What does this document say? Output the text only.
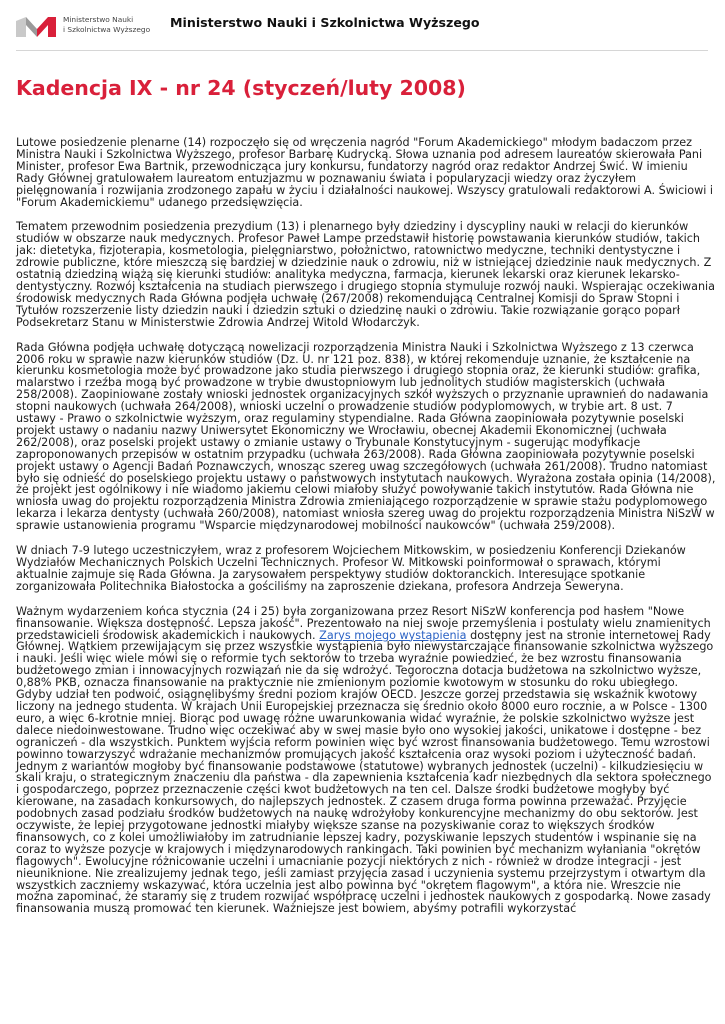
Ministerstwo Nauki
i Szkolnictwa Wyższego	Ministerstwo Nauki i Szkolnictwa Wyższego
Kadencja IX - nr 24 (styczeń/luty 2008)

Lutowe posiedzenie plenarne (14) rozpoczęło się od wręczenia nagród "Forum Akademickiego" młodym badaczom przez Ministra Nauki i Szkolnictwa Wyższego, profesor Barbarę Kudrycką. Słowa uznania pod adresem laureatów skierowała Pani Minister, profesor Ewa Bartnik, przewodnicząca jury konkursu, fundatorzy nagród oraz redaktor Andrzej Świć. W imieniu Rady Głównej gratulowałem laureatom entuzjazmu w poznawaniu świata i popularyzacji wiedzy oraz życzyłem pielęgnowania i rozwijania zrodzonego zapału w życiu i działalności naukowej. Wszyscy gratulowali redaktorowi A. Świciowi i "Forum Akademickiemu" udanego przedsięwzięcia.

Tematem przewodnim posiedzenia prezydium (13) i plenarnego były dziedziny i dyscypliny nauki w relacji do kierunków studiów w obszarze nauk medycznych. Profesor Paweł Lampe przedstawił historię powstawania kierunków studiów, takich jak: dietetyka, fizjoterapia, kosmetologia, pielęgniarstwo, położnictwo, ratownictwo medyczne, techniki dentystyczne i zdrowie publiczne, które mieszczą się bardziej w dziedzinie nauk o zdrowiu, niż w istniejącej dziedzinie nauk medycznych. Z ostatnią dziedziną wiążą się kierunki studiów: analityka medyczna, farmacja, kierunek lekarski oraz kierunek lekarsko-dentystyczny. Rozwój kształcenia na studiach pierwszego i drugiego stopnia stymuluje rozwój nauki. Wspierając oczekiwania środowisk medycznych Rada Główna podjęła uchwałę (267/2008) rekomendującą Centralnej Komisji do Spraw Stopni i Tytułów rozszerzenie listy dziedzin nauki i dziedzin sztuki o dziedzinę nauki o zdrowiu. Takie rozwiązanie gorąco poparł Podsekretarz Stanu w Ministerstwie Zdrowia Andrzej Witold Włodarczyk.

Rada Główna podjęła uchwałę dotyczącą nowelizacji rozporządzenia Ministra Nauki i Szkolnictwa Wyższego z 13 czerwca 2006 roku w sprawie nazw kierunków studiów (Dz. U. nr 121 poz. 838), w której rekomenduje uznanie, że kształcenie na kierunku kosmetologia może być prowadzone jako studia pierwszego i drugiego stopnia oraz, że kierunki studiów: grafika, malarstwo i rzeźba mogą być prowadzone w trybie dwustopniowym lub jednolitych studiów magisterskich (uchwała 258/2008). Zaopiniowane zostały wnioski jednostek organizacyjnych szkół wyższych o przyznanie uprawnień do nadawania stopni naukowych (uchwała 264/2008), wnioski uczelni o prowadzenie studiów podyplomowych, w trybie art. 8 ust. 7 ustawy - Prawo o szkolnictwie wyższym, oraz regulaminy stypendialne. Rada Główna zaopiniowała pozytywnie poselski projekt ustawy o nadaniu nazwy Uniwersytet Ekonomiczny we Wrocławiu, obecnej Akademii Ekonomicznej (uchwała 262/2008), oraz poselski projekt ustawy o zmianie ustawy o Trybunale Konstytucyjnym - sugerując modyfikacje zaproponowanych przepisów w ostatnim przypadku (uchwała 263/2008). Rada Główna zaopiniowała pozytywnie poselski projekt ustawy o Agencji Badań Poznawczych, wnosząc szereg uwag szczegółowych (uchwała 261/2008). Trudno natomiast było się odnieść do poselskiego projektu ustawy o państwowych instytutach naukowych. Wyrażona została opinia (14/2008), że projekt jest ogólnikowy i nie wiadomo jakiemu celowi miałoby służyć powoływanie takich instytutów. Rada Główna nie wniosła uwag do projektu rozporządzenia Ministra Zdrowia zmieniającego rozporządzenie w sprawie stażu podyplomowego lekarza i lekarza dentysty (uchwała 260/2008), natomiast wniosła szereg uwag do projektu rozporządzenia Ministra NiSzW w sprawie ustanowienia programu "Wsparcie międzynarodowej mobilności naukowców" (uchwała 259/2008).

W dniach 7-9 lutego uczestniczyłem, wraz z profesorem Wojciechem Mitkowskim, w posiedzeniu Konferencji Dziekanów Wydziałów Mechanicznych Polskich Uczelni Technicznych. Profesor W. Mitkowski poinformował o sprawach, którymi aktualnie zajmuje się Rada Główna. Ja zarysowałem perspektywy studiów doktoranckich. Interesujące spotkanie zorganizowała Politechnika Białostocka a gościliśmy na zaproszenie dziekana, profesora Andrzeja Seweryna.

Ważnym wydarzeniem końca stycznia (24 i 25) była zorganizowana przez Resort NiSzW konferencja pod hasłem "Nowe finansowanie. Większa dostępność. Lepsza jakość". Prezentowało na niej swoje przemyślenia i postulaty wielu znamienitych przedstawicieli środowisk akademickich i naukowych. Zarys mojego wystąpienia dostępny jest na stronie internetowej Rady Głównej. Wątkiem przewijającym się przez wszystkie wystąpienia było niewystarczające finansowanie szkolnictwa wyższego i nauki. Jeśli więc wiele mówi się o reformie tych sektorów to trzeba wyraźnie powiedzieć, że bez wzrostu finansowania budżetowego zmian i innowacyjnych rozwiązań nie da się wdrożyć. Tegoroczna dotacja budżetowa na szkolnictwo wyższe, 0,88% PKB, oznacza finansowanie na praktycznie nie zmienionym poziomie kwotowym w stosunku do roku ubiegłego. Gdyby udział ten podwoić, osiągnęlibyśmy średni poziom krajów OECD. Jeszcze gorzej przedstawia się wskaźnik kwotowy liczony na jednego studenta. W krajach Unii Europejskiej przeznacza się średnio około 8000 euro rocznie, a w Polsce - 1300 euro, a więc 6-krotnie mniej. Biorąc pod uwagę różne uwarunkowania widać wyraźnie, że polskie szkolnictwo wyższe jest dalece niedoinwestowane. Trudno więc oczekiwać aby w swej masie było ono wysokiej jakości, unikatowe i dostępne - bez ograniczeń - dla wszystkich. Punktem wyjścia reform powinien więc być wzrost finansowania budżetowego. Temu wzrostowi powinno towarzyszyć wdrażanie mechanizmów promujących jakość kształcenia oraz wysoki poziom i użyteczność badań. Jednym z wariantów mogłoby być finansowanie podstawowe (statutowe) wybranych jednostek (uczelni) - kilkudziesięciu w skali kraju, o strategicznym znaczeniu dla państwa - dla zapewnienia kształcenia kadr niezbędnych dla sektora społecznego i gospodarczego, poprzez przeznaczenie części kwot budżetowych na ten cel. Dalsze środki budżetowe mogłyby być kierowane, na zasadach konkursowych, do najlepszych jednostek. Z czasem druga forma powinna przeważać. Przyjęcie podobnych zasad podziału środków budżetowych na naukę wdrożyłoby konkurencyjne mechanizmy do obu sektorów. Jest oczywiste, że lepiej przygotowane jednostki miałyby większe szanse na pozyskiwanie coraz to większych środków finansowych, co z kolei umożliwiałoby im zatrudnianie lepszej kadry, pozyskiwanie lepszych studentów i wspinanie się na coraz to wyższe pozycje w krajowych i międzynarodowych rankingach. Taki powinien być mechanizm wyłaniania "okrętów flagowych". Ewolucyjne różnicowanie uczelni i umacnianie pozycji niektórych z nich - również w drodze integracji - jest nieuniknione. Nie zrealizujemy jednak tego, jeśli zamiast przyjęcia zasad i uczynienia systemu przejrzystym i otwartym dla wszystkich zaczniemy wskazywać, która uczelnia jest albo powinna być "okrętem flagowym", a która nie. Wreszcie nie można zapominać, że staramy się z trudem rozwijać współpracę uczelni i jednostek naukowych z gospodarką. Nowe zasady finansowania muszą promować ten kierunek. Ważniejsze jest bowiem, abyśmy potrafili wykorzystać
